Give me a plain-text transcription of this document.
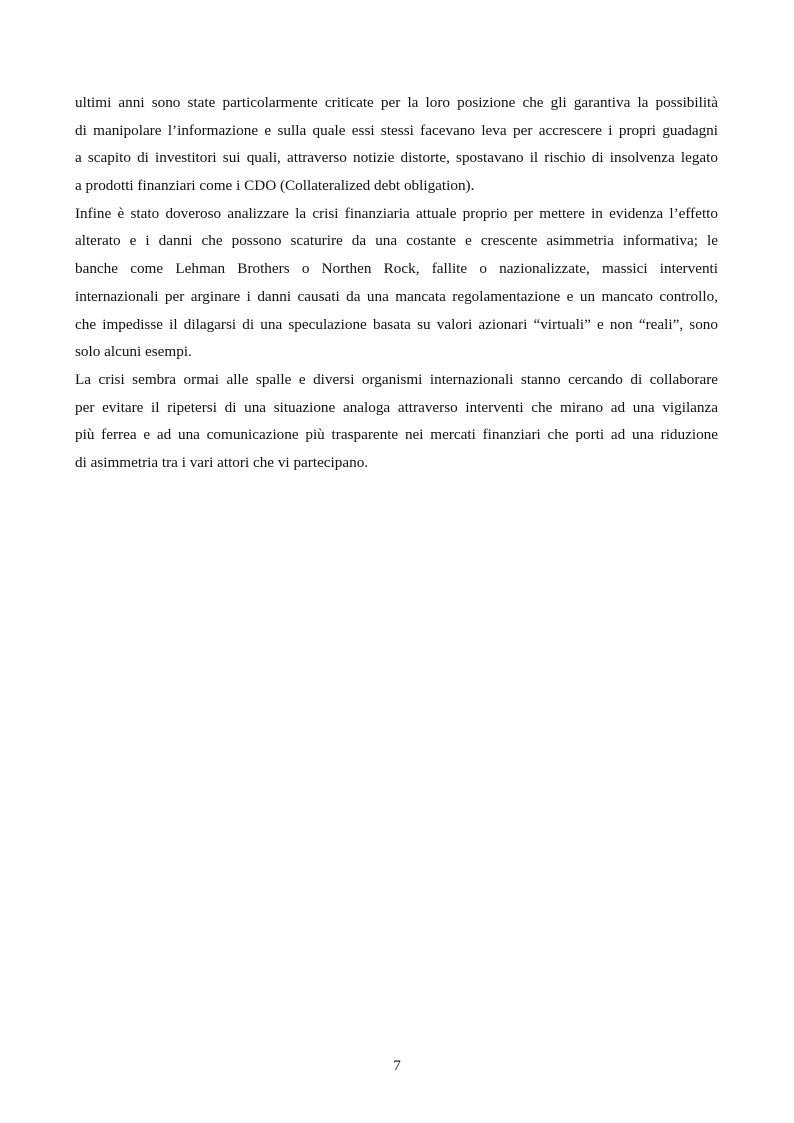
ultimi anni sono state particolarmente criticate per la loro posizione che gli garantiva la possibilità
di manipolare l’informazione e sulla quale essi stessi facevano leva per accrescere i propri guadagni
a scapito di investitori sui quali, attraverso notizie distorte, spostavano il rischio di insolvenza legato
a prodotti finanziari come i CDO (Collateralized debt obligation).

Infine è stato doveroso analizzare la crisi finanziaria attuale proprio per mettere in evidenza l’effetto
alterato e i danni che possono scaturire da una costante e crescente asimmetria informativa; le
banche come Lehman Brothers o Northen Rock, fallite o nazionalizzate, massici interventi
internazionali per arginare i danni causati da una mancata regolamentazione e un mancato controllo,
che impedisse il dilagarsi di una speculazione basata su valori azionari “virtuali” e non “reali”, sono
solo alcuni esempi.

La crisi sembra ormai alle spalle e diversi organismi internazionali stanno cercando di collaborare
per evitare il ripetersi di una situazione analoga attraverso interventi che mirano ad una vigilanza
più ferrea e ad una comunicazione più trasparente nei mercati finanziari che porti ad una riduzione
di asimmetria tra i vari attori che vi partecipano.

7
